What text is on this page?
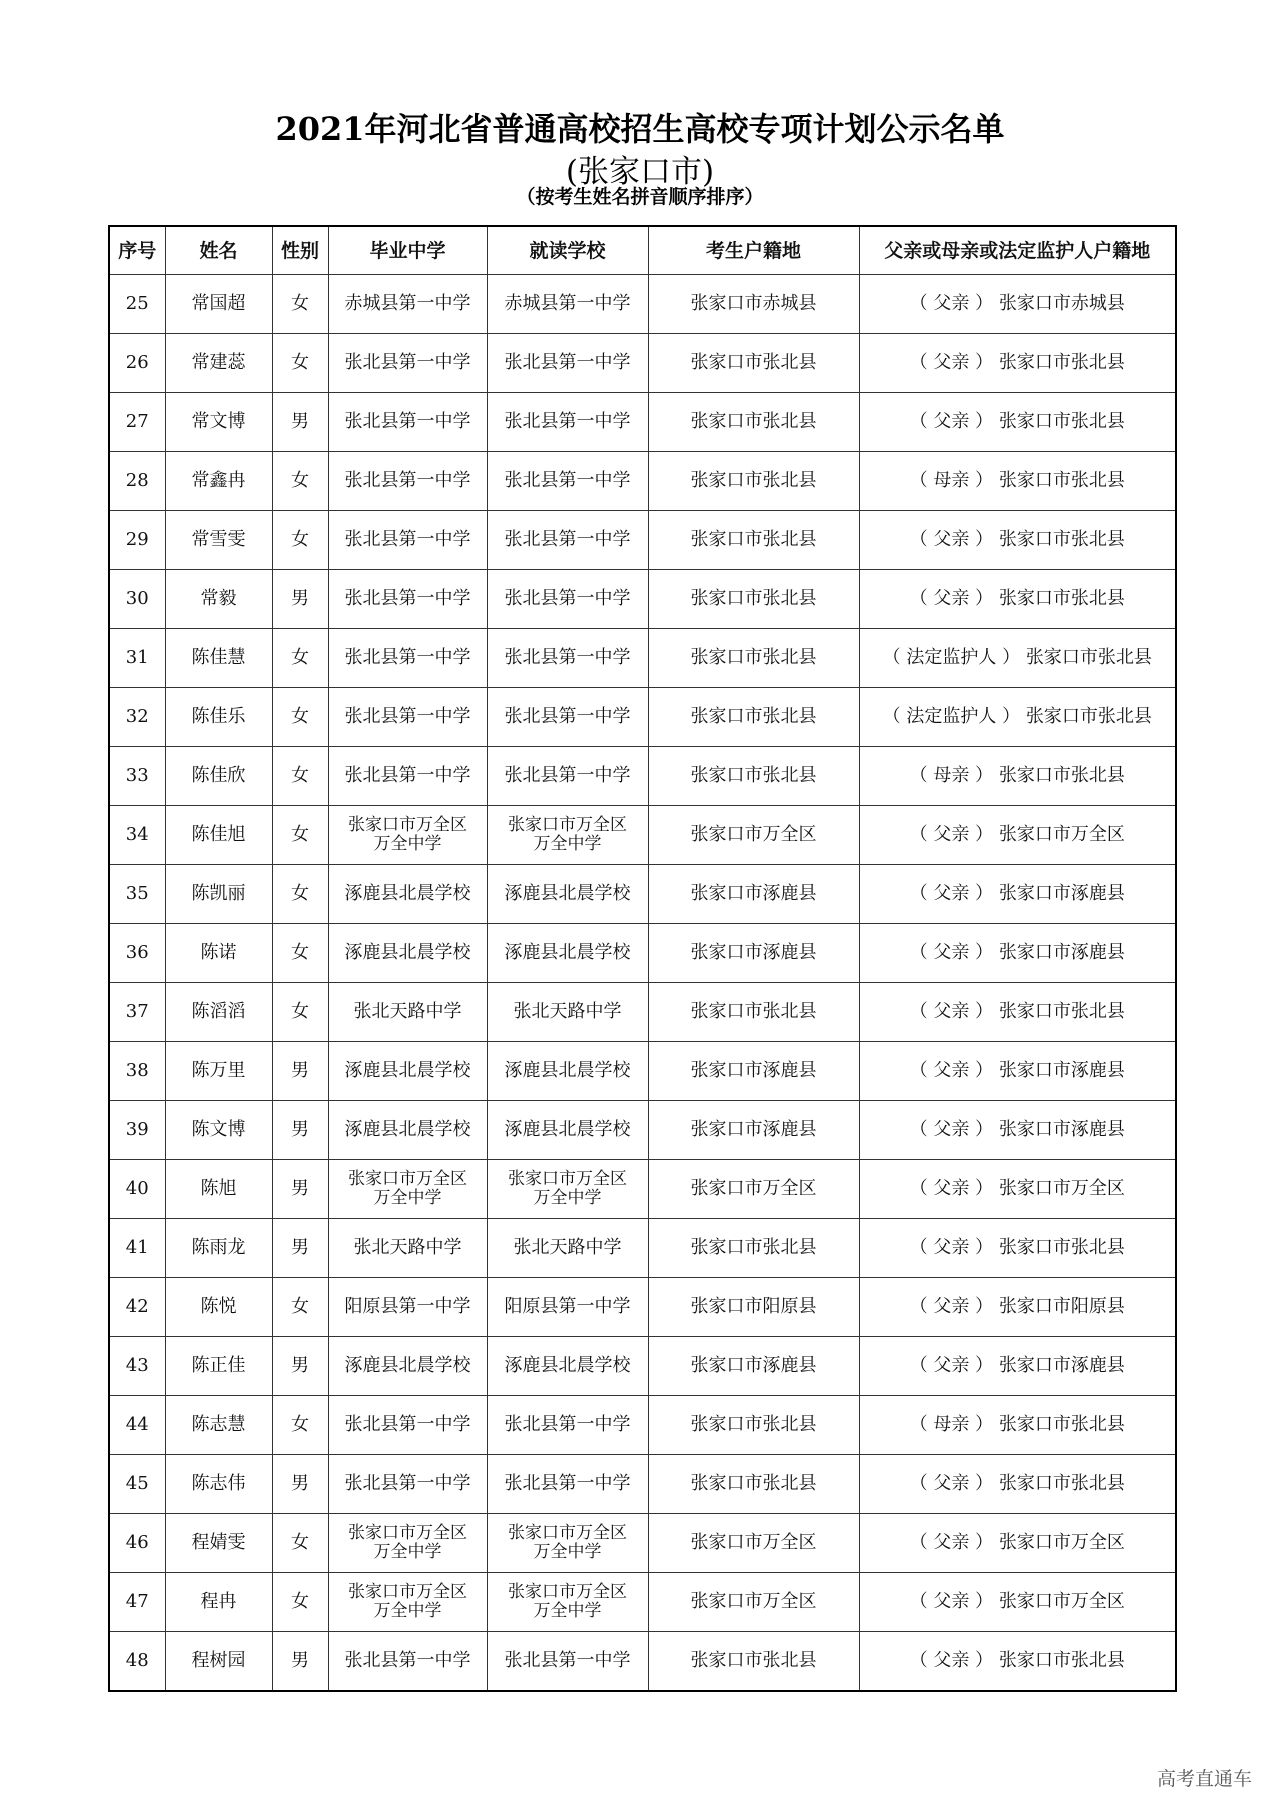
2021年河北省普通高校招生高校专项计划公示名单
(张家口市)
（按考生姓名拼音顺序排序）
序号	姓名	性别	毕业中学	就读学校	考生户籍地	父亲或母亲或法定监护人户籍地
25	常国超	女	赤城县第一中学	赤城县第一中学	张家口市赤城县	（ 父亲 ） 张家口市赤城县
26	常建蕊	女	张北县第一中学	张北县第一中学	张家口市张北县	（ 父亲 ） 张家口市张北县
27	常文博	男	张北县第一中学	张北县第一中学	张家口市张北县	（ 父亲 ） 张家口市张北县
28	常鑫冉	女	张北县第一中学	张北县第一中学	张家口市张北县	（ 母亲 ） 张家口市张北县
29	常雪雯	女	张北县第一中学	张北县第一中学	张家口市张北县	（ 父亲 ） 张家口市张北县
30	常毅	男	张北县第一中学	张北县第一中学	张家口市张北县	（ 父亲 ） 张家口市张北县
31	陈佳慧	女	张北县第一中学	张北县第一中学	张家口市张北县	（ 法定监护人 ） 张家口市张北县
32	陈佳乐	女	张北县第一中学	张北县第一中学	张家口市张北县	（ 法定监护人 ） 张家口市张北县
33	陈佳欣	女	张北县第一中学	张北县第一中学	张家口市张北县	（ 母亲 ） 张家口市张北县
34	陈佳旭	女	张家口市万全区
万全中学	张家口市万全区
万全中学	张家口市万全区	（ 父亲 ） 张家口市万全区
35	陈凯丽	女	涿鹿县北晨学校	涿鹿县北晨学校	张家口市涿鹿县	（ 父亲 ） 张家口市涿鹿县
36	陈诺	女	涿鹿县北晨学校	涿鹿县北晨学校	张家口市涿鹿县	（ 父亲 ） 张家口市涿鹿县
37	陈滔滔	女	张北天路中学	张北天路中学	张家口市张北县	（ 父亲 ） 张家口市张北县
38	陈万里	男	涿鹿县北晨学校	涿鹿县北晨学校	张家口市涿鹿县	（ 父亲 ） 张家口市涿鹿县
39	陈文博	男	涿鹿县北晨学校	涿鹿县北晨学校	张家口市涿鹿县	（ 父亲 ） 张家口市涿鹿县
40	陈旭	男	张家口市万全区
万全中学	张家口市万全区
万全中学	张家口市万全区	（ 父亲 ） 张家口市万全区
41	陈雨龙	男	张北天路中学	张北天路中学	张家口市张北县	（ 父亲 ） 张家口市张北县
42	陈悦	女	阳原县第一中学	阳原县第一中学	张家口市阳原县	（ 父亲 ） 张家口市阳原县
43	陈正佳	男	涿鹿县北晨学校	涿鹿县北晨学校	张家口市涿鹿县	（ 父亲 ） 张家口市涿鹿县
44	陈志慧	女	张北县第一中学	张北县第一中学	张家口市张北县	（ 母亲 ） 张家口市张北县
45	陈志伟	男	张北县第一中学	张北县第一中学	张家口市张北县	（ 父亲 ） 张家口市张北县
46	程婧雯	女	张家口市万全区
万全中学	张家口市万全区
万全中学	张家口市万全区	（ 父亲 ） 张家口市万全区
47	程冉	女	张家口市万全区
万全中学	张家口市万全区
万全中学	张家口市万全区	（ 父亲 ） 张家口市万全区
48	程树园	男	张北县第一中学	张北县第一中学	张家口市张北县	（ 父亲 ） 张家口市张北县
高考直通车
